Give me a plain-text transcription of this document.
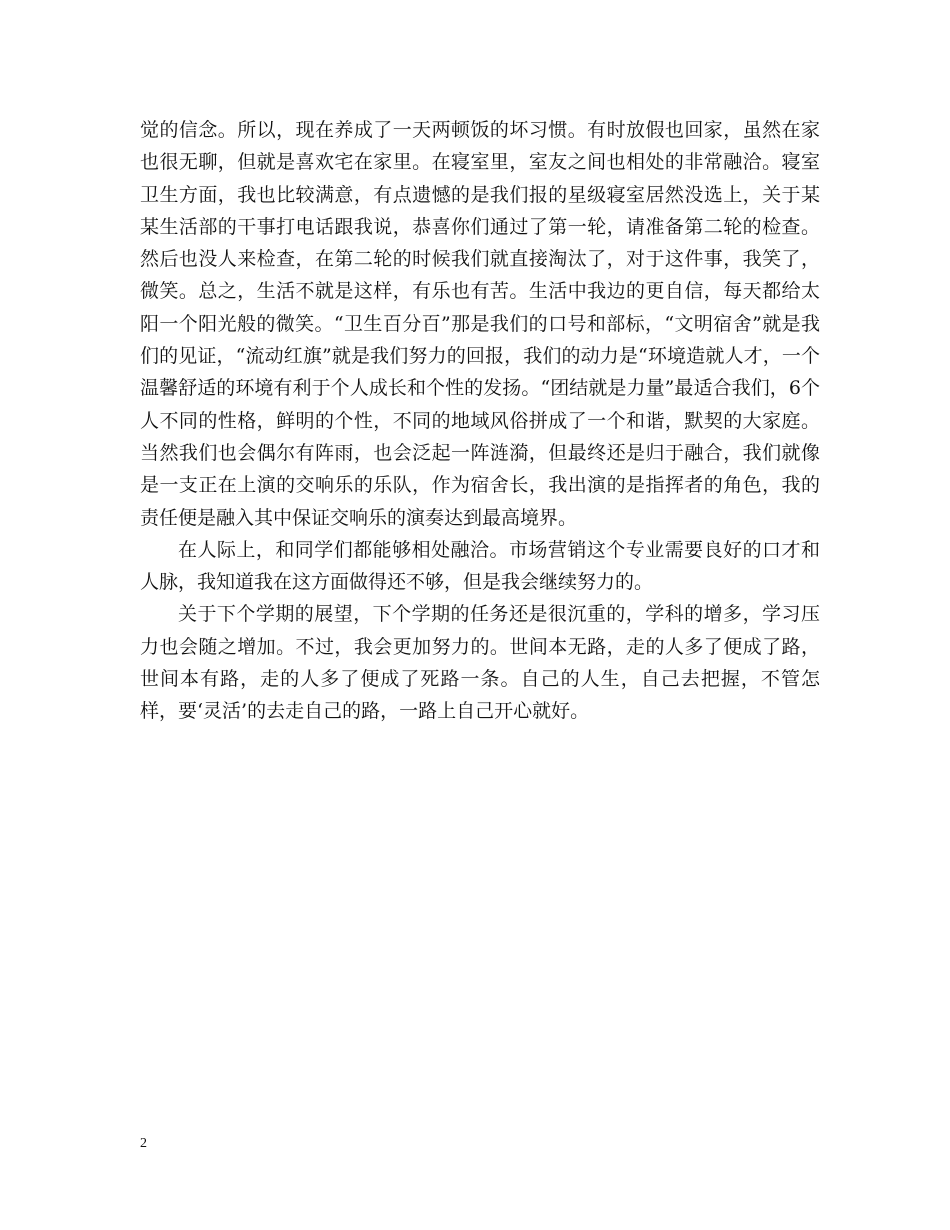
觉的信念。所以，现在养成了一天两顿饭的坏习惯。有时放假也回家，虽然在家也很无聊，但就是喜欢宅在家里。在寝室里，室友之间也相处的非常融洽。寝室卫生方面，我也比较满意，有点遗憾的是我们报的星级寝室居然没选上，关于某某生活部的干事打电话跟我说，恭喜你们通过了第一轮，请准备第二轮的检查。然后也没人来检查，在第二轮的时候我们就直接淘汰了，对于这件事，我笑了，微笑。总之，生活不就是这样，有乐也有苦。生活中我边的更自信，每天都给太阳一个阳光般的微笑。“卫生百分百”那是我们的口号和部标，“文明宿舍”就是我们的见证，“流动红旗”就是我们努力的回报，我们的动力是“环境造就人才，一个温馨舒适的环境有利于个人成长和个性的发扬。“团结就是力量”最适合我们，6个人不同的性格，鲜明的个性，不同的地域风俗拼成了一个和谐，默契的大家庭。当然我们也会偶尔有阵雨，也会泛起一阵涟漪，但最终还是归于融合，我们就像是一支正在上演的交响乐的乐队，作为宿舍长，我出演的是指挥者的角色，我的责任便是融入其中保证交响乐的演奏达到最高境界。

在人际上，和同学们都能够相处融洽。市场营销这个专业需要良好的口才和人脉，我知道我在这方面做得还不够，但是我会继续努力的。

关于下个学期的展望，下个学期的任务还是很沉重的，学科的增多，学习压力也会随之增加。不过，我会更加努力的。世间本无路，走的人多了便成了路，世间本有路，走的人多了便成了死路一条。自己的人生，自己去把握，不管怎样，要‘灵活’的去走自己的路，一路上自己开心就好。

2
